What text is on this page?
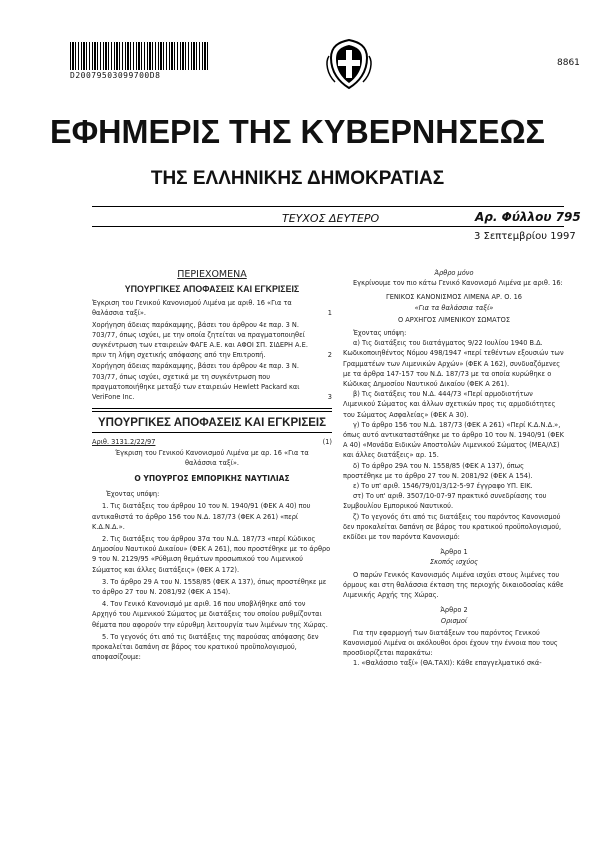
D20079503099700D8
8861
ΕΦΗΜΕΡΙΣ ΤΗΣ ΚΥΒΕΡΝΗΣΕΩΣ
ΤΗΣ ΕΛΛΗΝΙΚΗΣ ΔΗΜΟΚΡΑΤΙΑΣ
ΤΕΥΧΟΣ ΔΕΥΤΕΡΟ	Αρ. Φύλλου 795
3 Σεπτεμβρίου 1997
ΠΕΡΙΕΧΟΜΕΝΑ
ΥΠΟΥΡΓΙΚΕΣ ΑΠΟΦΑΣΕΙΣ ΚΑΙ ΕΓΚΡΙΣΕΙΣ

Έγκριση του Γενικού Κανονισμού Λιμένα με αριθ. 16 «Για τα θαλάσσια ταξί».	1

Χορήγηση άδειας παράκαμψης, βάσει του άρθρου 4ε παρ. 3 Ν. 703/77, όπως ισχύει, με την οποία ζητείται να πραγματοποιηθεί συγκέντρωση των εταιρειών ΦΑΓΕ Α.Ε. και ΑΦΟΙ ΣΠ. ΣΙΔΕΡΗ Α.Ε. πριν τη λήψη σχετικής απόφασης από την Επιτροπή.	2

Χορήγηση άδειας παράκαμψης, βάσει του άρθρου 4ε παρ. 3 Ν. 703/77, όπως ισχύει, σχετικά με τη συγκέντρωση που πραγματοποιήθηκε μεταξύ των εταιρειών Hewlett Packard και VeriFone Inc.	3
ΥΠΟΥΡΓΙΚΕΣ ΑΠΟΦΑΣΕΙΣ ΚΑΙ ΕΓΚΡΙΣΕΙΣ
Αριθ. 3131.2/22/97	(1)

Έγκριση του Γενικού Κανονισμού Λιμένα με αρ. 16 «Για τα θαλάσσια ταξί».

Ο ΥΠΟΥΡΓΟΣ ΕΜΠΟΡΙΚΗΣ ΝΑΥΤΙΛΙΑΣ

Έχοντας υπόψη:

1. Τις διατάξεις του άρθρου 10 του Ν. 1940/91 (ΦΕΚ Α 40) που αντικαθιστά το άρθρο 156 του Ν.Δ. 187/73 (ΦΕΚ Α 261) «περί Κ.Δ.Ν.Δ.».

2. Τις διατάξεις του άρθρου 37α του Ν.Δ. 187/73 «περί Κώδικος Δημοσίου Ναυτικού Δικαίου» (ΦΕΚ Α 261), που προστέθηκε με το άρθρο 9 του Ν. 2129/95 «Ρύθμιση θεμάτων προσωπικού του Λιμενικού Σώματος και άλλες διατάξεις» (ΦΕΚ Α 172).

3. Το άρθρο 29 Α του Ν. 1558/85 (ΦΕΚ Α 137), όπως προστέθηκε με το άρθρο 27 του Ν. 2081/92 (ΦΕΚ Α 154).

4. Τον Γενικό Κανονισμό με αριθ. 16 που υποβλήθηκε από τον Αρχηγό του Λιμενικού Σώματος με διατάξεις του οποίου ρυθμίζονται θέματα που αφορούν την εύρυθμη λειτουργία των λιμένων της Χώρας.

5. Το γεγονός ότι από τις διατάξεις της παρούσας απόφασης δεν προκαλείται δαπάνη σε βάρος του κρατικού προϋπολογισμού, αποφασίζουμε:

Άρθρο μόνο

Εγκρίνουμε τον πιο κάτω Γενικό Κανονισμό Λιμένα με αριθ. 16:

ΓΕΝΙΚΟΣ ΚΑΝΟΝΙΣΜΟΣ ΛΙΜΕΝΑ ΑΡ. Ο. 16
«Για τα θαλάσσια ταξί»
Ο ΑΡΧΗΓΟΣ ΛΙΜΕΝΙΚΟΥ ΣΩΜΑΤΟΣ

Έχοντας υπόψη:

α) Τις διατάξεις του διατάγματος 9/22 Ιουλίου 1940 Β.Δ. Κωδικοποιηθέντος Νόμου 498/1947 «περί τεθέντων εξουσιών των Γραμματέων των Λιμενικών Αρχών» (ΦΕΚ Α 162), συνδυαζόμενες με τα άρθρα 147-157 του Ν.Δ. 187/73 με τα οποία κυρώθηκε ο Κώδικας Δημοσίου Ναυτικού Δικαίου (ΦΕΚ Α 261).

β) Τις διατάξεις του Ν.Δ. 444/73 «Περί αρμοδιοτήτων Λιμενικού Σώματος και άλλων σχετικών προς τις αρμοδιότητες του Σώματος Ασφαλείας» (ΦΕΚ Α 30).

γ) Το άρθρο 156 του Ν.Δ. 187/73 (ΦΕΚ Α 261) «Περί Κ.Δ.Ν.Δ.», όπως αυτό αντικαταστάθηκε με το άρθρο 10 του Ν. 1940/91 (ΦΕΚ Α 40) «Μονάδα Ειδικών Αποστολών Λιμενικού Σώματος (ΜΕΑ/ΛΣ) και άλλες διατάξεις» αρ. 15.

δ) Το άρθρο 29Α του Ν. 1558/85 (ΦΕΚ Α 137), όπως προστέθηκε με το άρθρο 27 του Ν. 2081/92 (ΦΕΚ Α 154).

ε) Το υπ' αριθ. 1546/79/01/3/12-5-97 έγγραφο ΥΠ. ΕΙΚ.

στ) Το υπ' αριθ. 3507/10-07-97 πρακτικό συνεδρίασης του Συμβουλίου Εμπορικού Ναυτικού.

ζ) Το γεγονός ότι από τις διατάξεις του παρόντος Κανονισμού δεν προκαλείται δαπάνη σε βάρος του κρατικού προϋπολογισμού, εκδίδει με τον παρόντα Κανονισμό:

Άρθρο 1
Σκοπός ισχύος

Ο παρών Γενικός Κανονισμός Λιμένα ισχύει στους λιμένες του όρμους και στη θαλάσσια έκταση της περιοχής δικαιοδοσίας κάθε Λιμενικής Αρχής της Χώρας.

Άρθρο 2
Ορισμοί

Για την εφαρμογή των διατάξεων του παρόντος Γενικού Κανονισμού Λιμένα οι ακόλουθοι όροι έχουν την έννοια που τους προσδιορίζεται παρακάτω:

1. «Θαλάσσιο ταξί» (ΘΑ.ΤΑΧΙ): Κάθε επαγγελματικό σκά-
